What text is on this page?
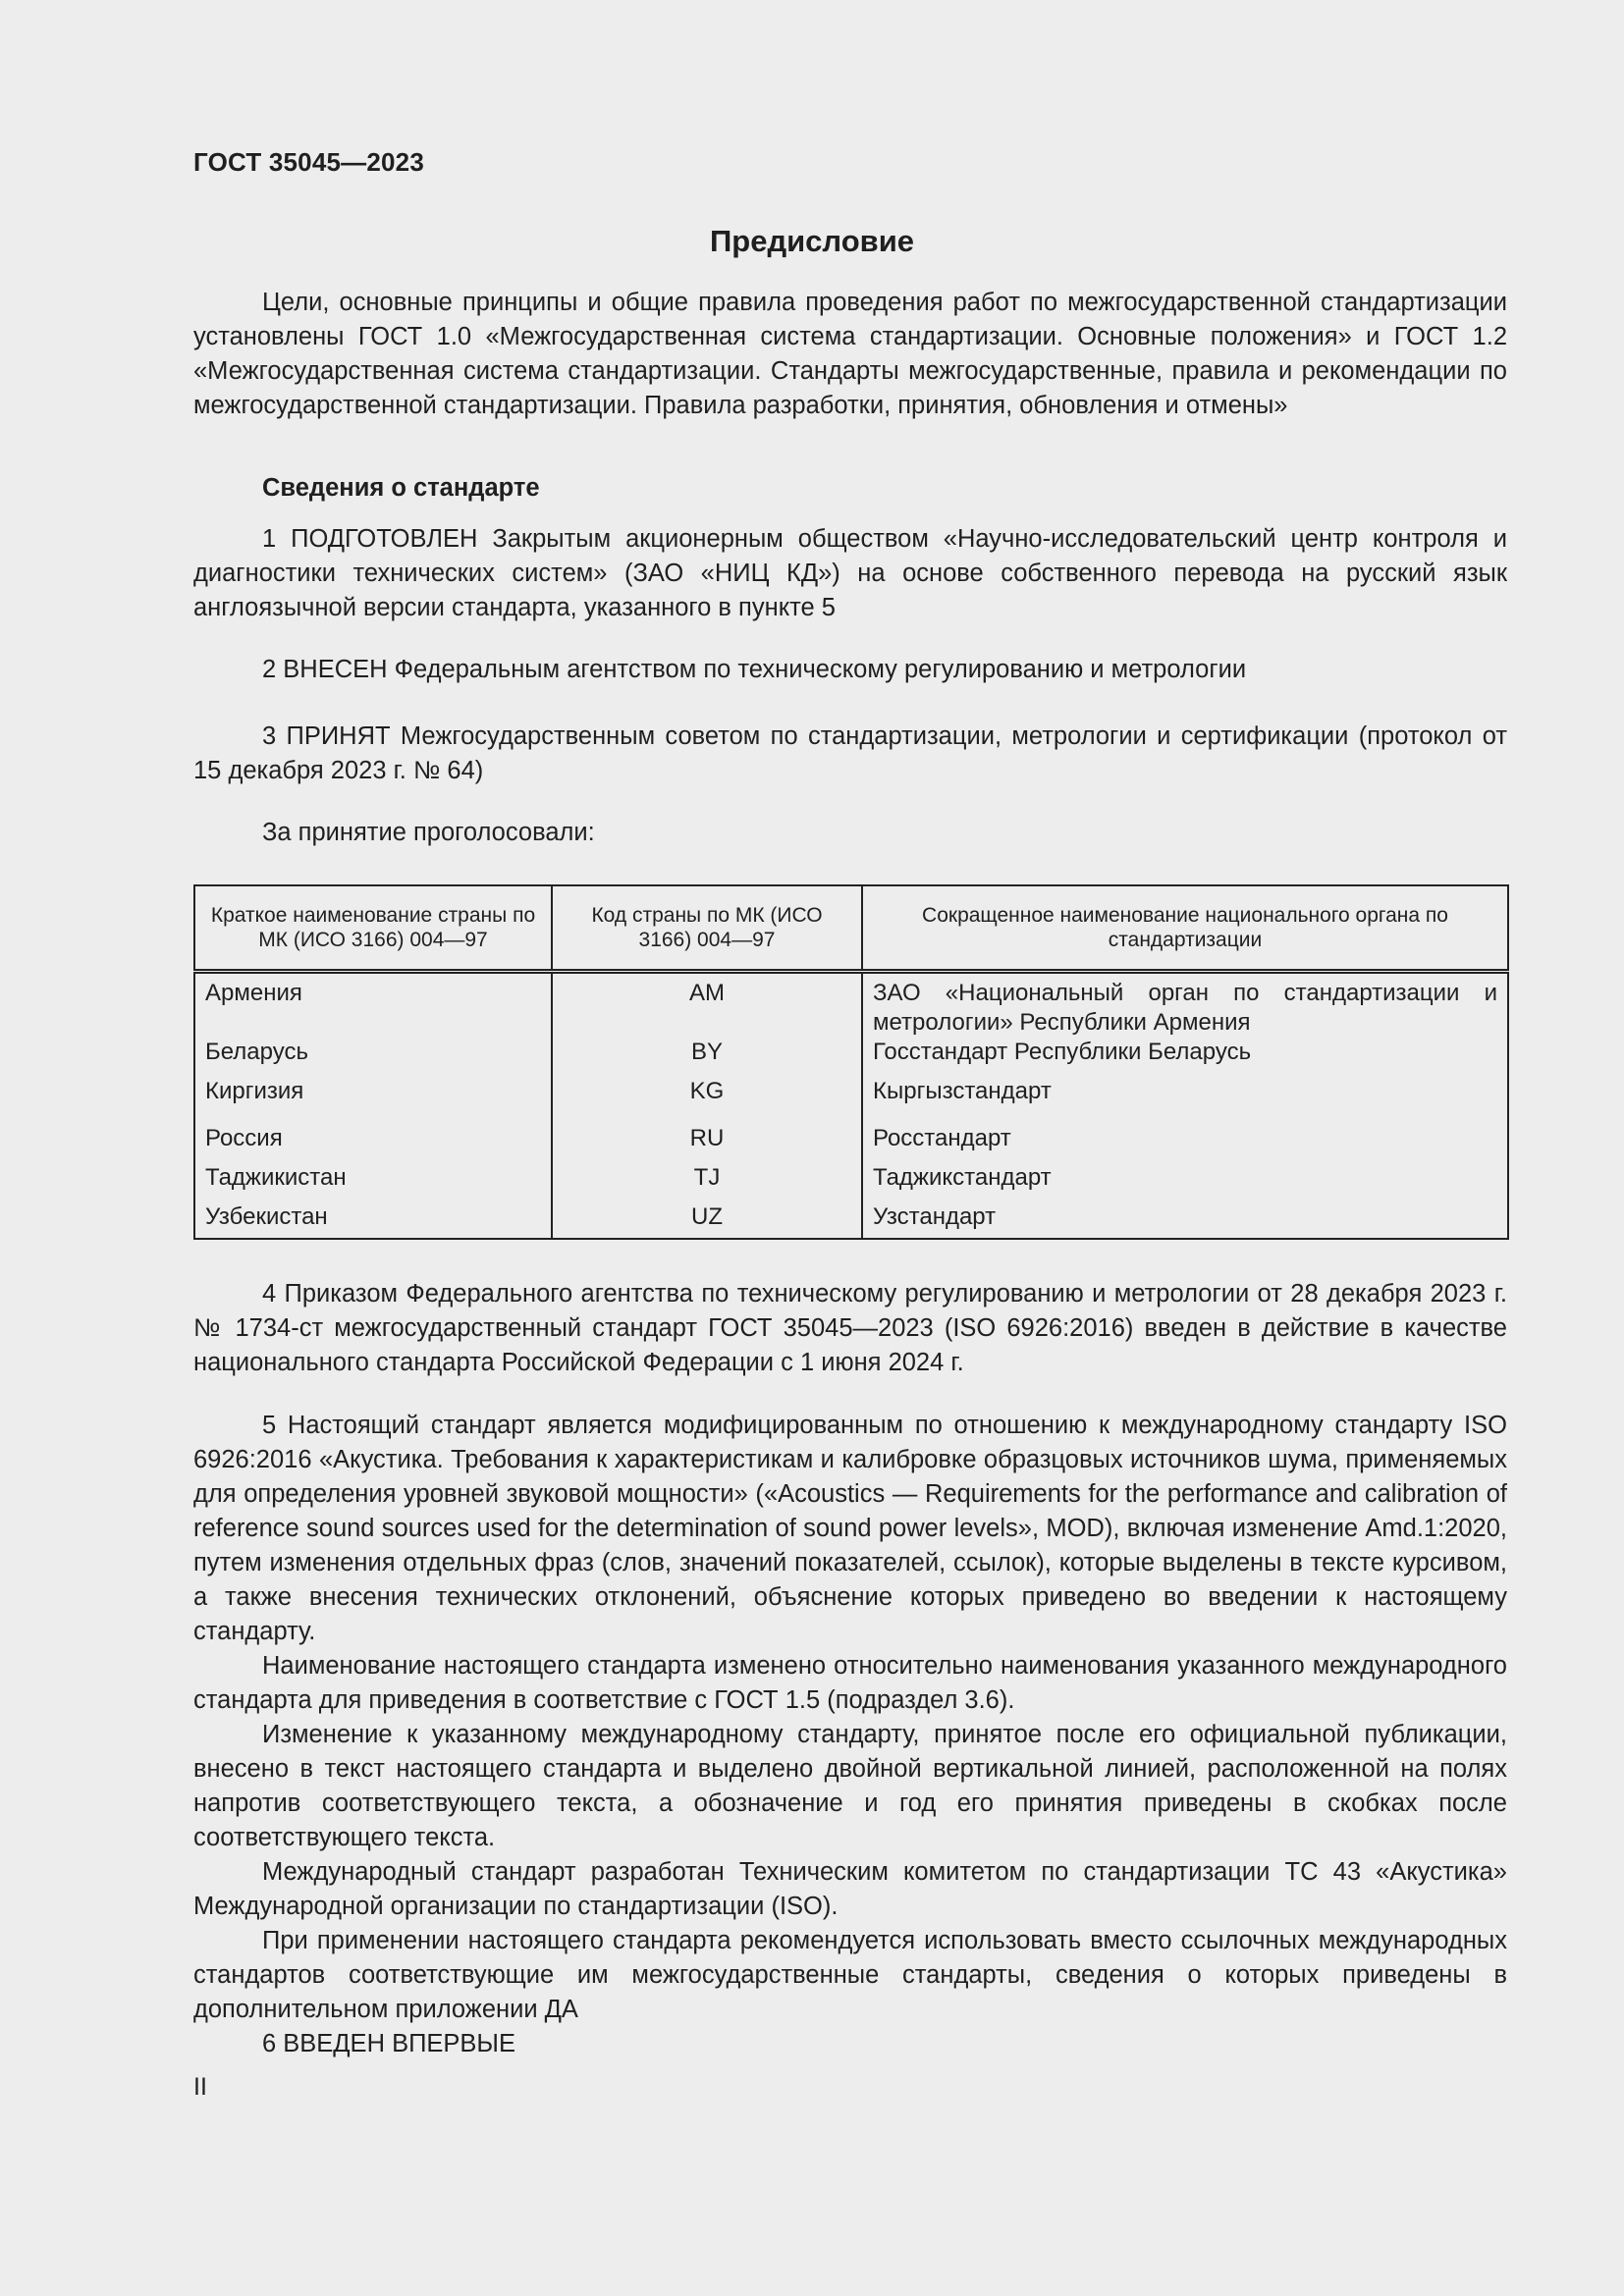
ГОСТ 35045—2023
Предисловие

Цели, основные принципы и общие правила проведения работ по межгосударственной стандартизации установлены ГОСТ 1.0 «Межгосударственная система стандартизации. Основные положения» и ГОСТ 1.2 «Межгосударственная система стандартизации. Стандарты межгосударственные, правила и рекомендации по межгосударственной стандартизации. Правила разработки, принятия, обновления и отмены»

Сведения о стандарте

1 ПОДГОТОВЛЕН Закрытым акционерным обществом «Научно-исследовательский центр контроля и диагностики технических систем» (ЗАО «НИЦ КД») на основе собственного перевода на русский язык англоязычной версии стандарта, указанного в пункте 5

2 ВНЕСЕН Федеральным агентством по техническому регулированию и метрологии

3 ПРИНЯТ Межгосударственным советом по стандартизации, метрологии и сертификации (протокол от 15 декабря 2023 г. № 64)

За принятие проголосовали:

Краткое наименование страны по МК (ИСО 3166) 004—97	Код страны по МК (ИСО 3166) 004—97	Сокращенное наименование национального органа по стандартизации
Армения	AM	ЗАО «Национальный орган по стандартизации и метрологии» Республики Армения
Беларусь	BY	Госстандарт Республики Беларусь
Киргизия	KG	Кыргызстандарт
Россия	RU	Росстандарт
Таджикистан	TJ	Таджикстандарт
Узбекистан	UZ	Узстандарт

4 Приказом Федерального агентства по техническому регулированию и метрологии от 28 декабря 2023 г. № 1734-ст межгосударственный стандарт ГОСТ 35045—2023 (ISO 6926:2016) введен в действие в качестве национального стандарта Российской Федерации с 1 июня 2024 г.

5 Настоящий стандарт является модифицированным по отношению к международному стандарту ISO 6926:2016 «Акустика. Требования к характеристикам и калибровке образцовых источников шума, применяемых для определения уровней звуковой мощности» («Acoustics — Requirements for the performance and calibration of reference sound sources used for the determination of sound power levels», MOD), включая изменение Amd.1:2020, путем изменения отдельных фраз (слов, значений показателей, ссылок), которые выделены в тексте курсивом, а также внесения технических отклонений, объяснение которых приведено во введении к настоящему стандарту.

Наименование настоящего стандарта изменено относительно наименования указанного международного стандарта для приведения в соответствие с ГОСТ 1.5 (подраздел 3.6).

Изменение к указанному международному стандарту, принятое после его официальной публикации, внесено в текст настоящего стандарта и выделено двойной вертикальной линией, расположенной на полях напротив соответствующего текста, а обозначение и год его принятия приведены в скобках после соответствующего текста.

Международный стандарт разработан Техническим комитетом по стандартизации ТС 43 «Акустика» Международной организации по стандартизации (ISO).

При применении настоящего стандарта рекомендуется использовать вместо ссылочных международных стандартов соответствующие им межгосударственные стандарты, сведения о которых приведены в дополнительном приложении ДА

6 ВВЕДЕН ВПЕРВЫЕ

II
